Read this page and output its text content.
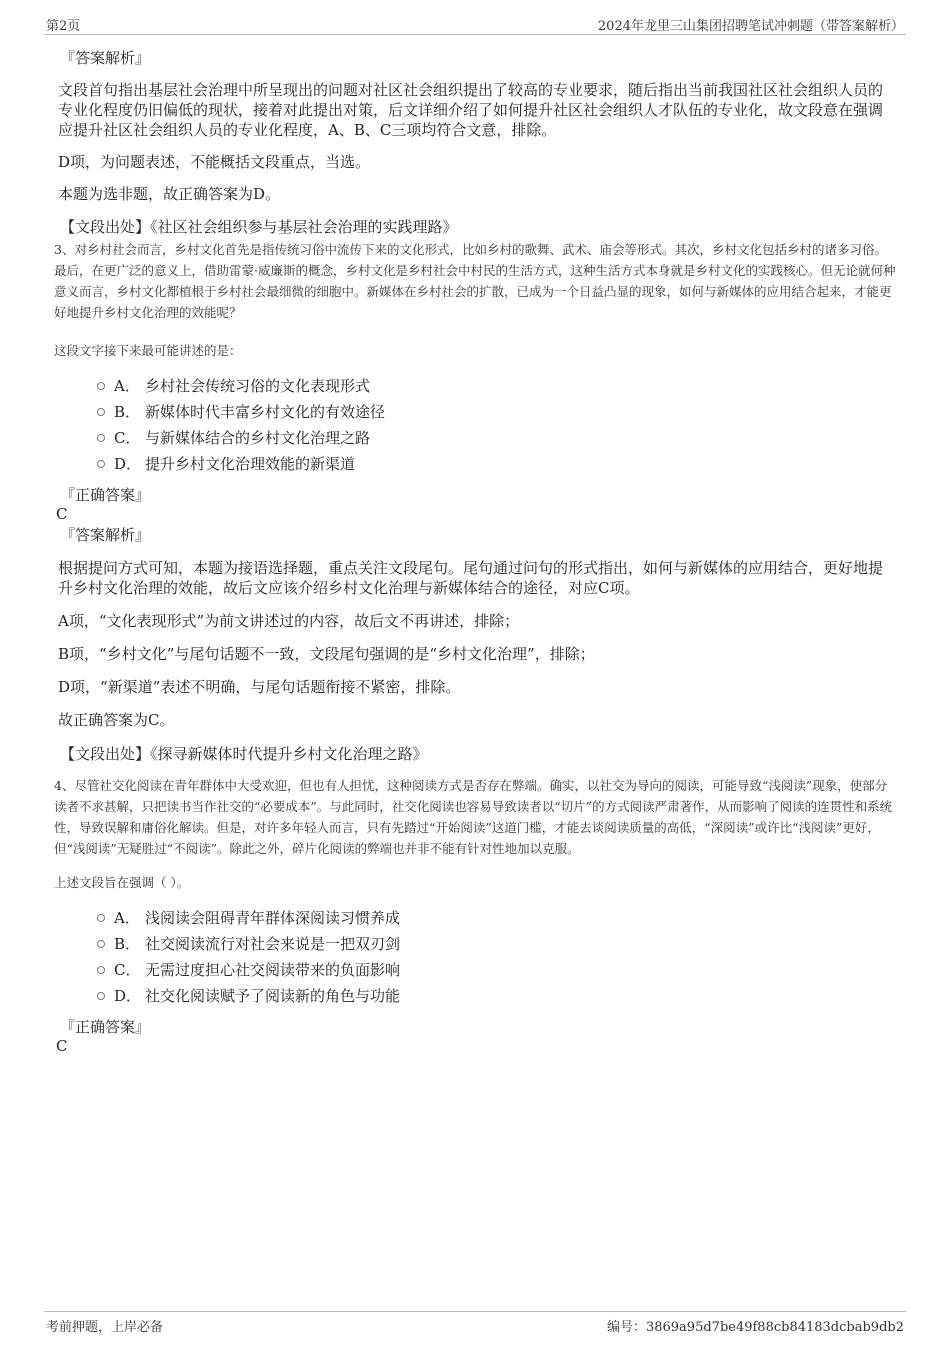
第2页	2024年龙里三山集团招聘笔试冲刺题（带答案解析）
『答案解析』
文段首句指出基层社会治理中所呈现出的问题对社区社会组织提出了较高的专业要求，随后指出当前我国社区社会组织人员的专业化程度仍旧偏低的现状，接着对此提出对策，后文详细介绍了如何提升社区社会组织人才队伍的专业化，故文段意在强调应提升社区社会组织人员的专业化程度，A、B、C三项均符合文意，排除。
D项，为问题表述，不能概括文段重点，当选。
本题为选非题，故正确答案为D。
【文段出处】《社区社会组织参与基层社会治理的实践理路》
3、对乡村社会而言，乡村文化首先是指传统习俗中流传下来的文化形式，比如乡村的歌舞、武术、庙会等形式。其次，乡村文化包括乡村的诸多习俗。最后，在更广泛的意义上，借助雷蒙·威廉斯的概念，乡村文化是乡村社会中村民的生活方式，这种生活方式本身就是乡村文化的实践核心。但无论就何种意义而言，乡村文化都植根于乡村社会最细微的细胞中。新媒体在乡村社会的扩散，已成为一个日益凸显的现象，如何与新媒体的应用结合起来，才能更好地提升乡村文化治理的效能呢？
这段文字接下来最可能讲述的是：
A． 乡村社会传统习俗的文化表现形式
B． 新媒体时代丰富乡村文化的有效途径
C． 与新媒体结合的乡村文化治理之路
D． 提升乡村文化治理效能的新渠道
『正确答案』
C
『答案解析』
根据提问方式可知，本题为接语选择题，重点关注文段尾句。尾句通过问句的形式指出，如何与新媒体的应用结合，更好地提升乡村文化治理的效能，故后文应该介绍乡村文化治理与新媒体结合的途径，对应C项。
A项，“文化表现形式”为前文讲述过的内容，故后文不再讲述，排除；
B项，“乡村文化”与尾句话题不一致，文段尾句强调的是“乡村文化治理”，排除；
D项，“新渠道”表述不明确，与尾句话题衔接不紧密，排除。
故正确答案为C。
【文段出处】《探寻新媒体时代提升乡村文化治理之路》
4、尽管社交化阅读在青年群体中大受欢迎，但也有人担忧，这种阅读方式是否存在弊端。确实，以社交为导向的阅读，可能导致“浅阅读”现象，使部分读者不求甚解，只把读书当作社交的“必要成本”。与此同时，社交化阅读也容易导致读者以“切片”的方式阅读严肃著作，从而影响了阅读的连贯性和系统性，导致误解和庸俗化解读。但是，对许多年轻人而言，只有先踏过“开始阅读”这道门槛，才能去谈阅读质量的高低，“深阅读”或许比“浅阅读”更好，但“浅阅读”无疑胜过“不阅读”。除此之外，碎片化阅读的弊端也并非不能有针对性地加以克服。
上述文段旨在强调（ ）。
A． 浅阅读会阻碍青年群体深阅读习惯养成
B． 社交阅读流行对社会来说是一把双刃剑
C． 无需过度担心社交阅读带来的负面影响
D． 社交化阅读赋予了阅读新的角色与功能
『正确答案』
C
考前押题，上岸必备	编号：3869a95d7be49f88cb84183dcbab9db2
